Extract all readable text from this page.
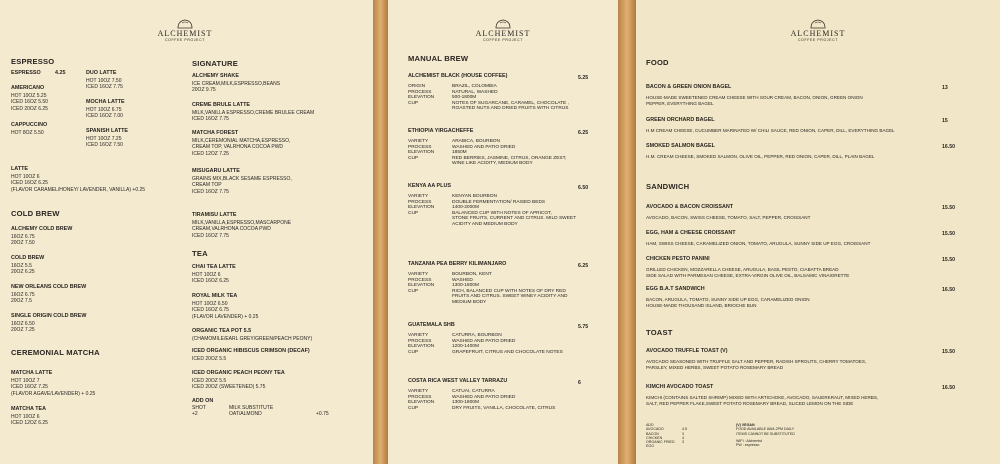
ALCHEMIST
COFFEE PROJECT
ESPRESSO
ESPRESSO	4.25
AMERICANO
HOT 10OZ 5.25
ICED 16OZ 5.50
ICED 20OZ 6.25
CAPPUCCINO
HOT 8OZ 5.50
DUO LATTE
HOT 10OZ 7.50
ICED 16OZ 7.75
MOCHA LATTE
HOT 10OZ 6.75
ICED 16OZ 7.00
SPANISH LATTE
HOT 10OZ 7.25
ICED 16OZ 7.50
LATTE
HOT 10OZ 6
ICED 16OZ 6.25
(FLAVOR CARAMEL/HONEY/ LAVENDER, VANILLA) +0.25
COLD BREW
ALCHEMY COLD BREW
16OZ 6.75
20OZ 7.50
COLD BREW
16OZ 5.5
20OZ 6.25
NEW ORLEANS COLD BREW
16OZ 6.75
20OZ 7.5
SINGLE ORIGIN COLD BREW
16OZ 6.50
20OZ 7.25
CEREMONIAL MATCHA
MATCHA LATTE
HOT 10OZ 7
ICED 16OZ 7.25
(FLAVOR AGAVE/LAVENDER) + 0.25
MATCHA TEA
HOT 10OZ 6
ICED 12OZ 6.25
SIGNATURE
ALCHEMY SHAKE
ICE CREAM,MILK,ESPRESSO,BEANS
20OZ 9.75
CREME BRULE LATTE
MILK,VANILLA ESPRESSO,CREME BRULEE CREAM
ICED 16OZ 7.75
MATCHA FOREST
MILK,CEREMONIAL MATCHA,ESPRESSO,
CREAM TOP, VALRHONA COCOA PWD
ICED 12OZ 7.25
MISUGARU LATTE
GRAINS MIX,BLACK SESAME ESPRESSO,
CREAM TOP
ICED 16OZ 7.75
TIRAMISU LATTE
MILK,VANILLA,ESPRESSO,MASCARPONE
CREAM,VALRHONA COCOA PWD
ICED 16OZ 7.75
TEA
CHAI TEA LATTE
HOT 10OZ 6
ICED 16OZ 6.25
ROYAL MILK TEA
HOT 10OZ 6.50
ICED 16OZ 6.75
(FLAVOR LAVENDER) + 0.25
ORGANIC TEA POT 5.5
(CHAMOMILE/EARL GREY/GREEN/PEACH PEONY)
ICED ORGANIC HIBISCUS CRIMSON (DECAF)
ICED 20OZ 5.5
ICED ORGANIC PEACH PEONY TEA
ICED 20OZ 5.5
ICED 20OZ (SWEETENED) 5.75
ADD ON
SHOT
+2
MILK SUBSTITUTE
OAT/ALMOND	+0.75
ALCHEMIST
COFFEE PROJECT
MANUAL BREW
ALCHEMIST BLACK (HOUSE COFFEE)	5.25
ORIGIN	BRAZIL, COLOMBIA
PROCESS	NATURAL, WASHED
ELEVATION	500-1800M
CUP	NOTES OF SUGARCANE, CARAMEL, CHOCOLATE ,
ROASTED NUTS AND DRIED FRUITS WITH CITRUS
ETHIOPIA YIRGACHEFFE	6.25
VARIETY	ARABICA, BOURBON
PROCESS	WASHED AND PATIO DRIED
ELEVATION	1850M
CUP	RED BERRIES, JASMINE, CITRUS, ORANGE ZEST,
WINE LIKE ACIDITY, MEDIUM BODY
KENYA AA PLUS	6.50
VARIETY	KENYAN BOURBON
PROCESS	DOUBLE FERMENTATION/ RAISED BEDS
ELEVATION	1400-2000M
CUP	BALANCED CUP WITH NOTES OF APRICOT,
STONE FRUITS, CURRENT AND CITRUS. MILD SWEET
ACIDITY AND MEDIUM BODY
TANZANIA PEA BERRY KILIMANJARO	6.25
VARIETY	BOURBON, KENT
PROCESS	WASHED
ELEVATION	1300-1800M
CUP	RICH, BALANCED CUP WITH NOTES OF DRY RED
FRUITS AND CITRUS. SWEET WINEY ACIDITY AND
MEDIUM BODY
GUATEMALA SHB	5.75
VARIETY	CATURRA, BOURBON
PROCESS	WASHED AND PATIO DRIED
ELEVATION	1200-1400M
CUP	GRAPEFRUIT, CITRUS AND CHOCOLATE NOTES
COSTA RICA WEST VALLEY TARRAZU	6
VARIETY	CATUAI, CATURRA
PROCESS	WASHED AND PATIO DRIED
ELEVATION	1300-1800M
CUP	DRY FRUITS, VANILLA, CHOCOLATE, CITRUS
ALCHEMIST
COFFEE PROJECT
FOOD
BACON & GREEN ONION BAGEL	13
HOUSE-MADE SWEETENED CREAM CHEESE WITH SOUR CREAM, BACON, ONION, GREEN ONION
PEPPER, EVERYTHING BAGEL
GREEN ORCHARD BAGEL	15
H.M CREAM CHEESE, CUCUMBER MARINATED W/ CHILI SAUCE, RED ONION, CAPER, DILL, EVERYTHING BAGEL
SMOKED SALMON BAGEL	16.50
H.M. CREAM CHEESE, SMOKED SALMON, OLIVE OIL, PEPPER, RED ONION, CAPER, DILL, PLAIN BAGEL
SANDWICH
AVOCADO & BACON CROISSANT	15.50
AVOCADO, BACON, SWISS CHEESE, TOMATO, SALT, PEPPER, CROISSANT
EGG, HAM & CHEESE CROISSANT	15.50
HAM, SWISS CHEESE, CARAMELIZED ONION, TOMATO, ARUGULA, SUNNY SIDE UP EGG, CROISSANT
CHICKEN PESTO PANINI	15.50
GRILLED CHICKEN, MOZZARELLA CHEESE, ARUGULA, BASIL PESTO, CIABATTA BREAD
SIDE SALAD WITH PARMESAN CHEESE, EXTRA-VIRGIN OLIVE OIL, BALSAMIC VINAIGRETTE
EGG B.A.T SANDWICH	16.50
BACON, ARUGULA, TOMATO, SUNNY SIDE UP EGG, CARAMELIZED ONION
HOUSE-MADE THOUSAND ISLAND, BRIOCHE BUN
TOAST
AVOCADO TRUFFLE TOAST (V)	15.50
AVOCADO SEASONED WITH TRUFFLE SALT AND PEPPER, RADISH SPROUTS, CHERRY TOMATOES,
PARSLEY, MIXED HERBS, SWEET POTATO ROSEMARY BREAD
KIMCHI AVOCADO TOAST	16.50
KIMCHI (CONTAINS SALTED SHRIMP) MIXED WITH ARTICHOKE, AVOCADO, SAUERKRAUT, MIXED HERBS,
SALT, RED PEPPER FLAKE,SWEET POTATO ROSEMARY BREAD, SLICED LEMON ON THE SIDE
ADD
AVOCADO	4.5
BACON	3
CHICKEN	4
ORGANIC FRIED	3
EGG
(V) VEGAN
FOOD AVAILABLE 8AM-2PM DAILY
ITEMS CANNOT BE SUBSTITUTED
WIFI : Alchemist
PW : espresso
